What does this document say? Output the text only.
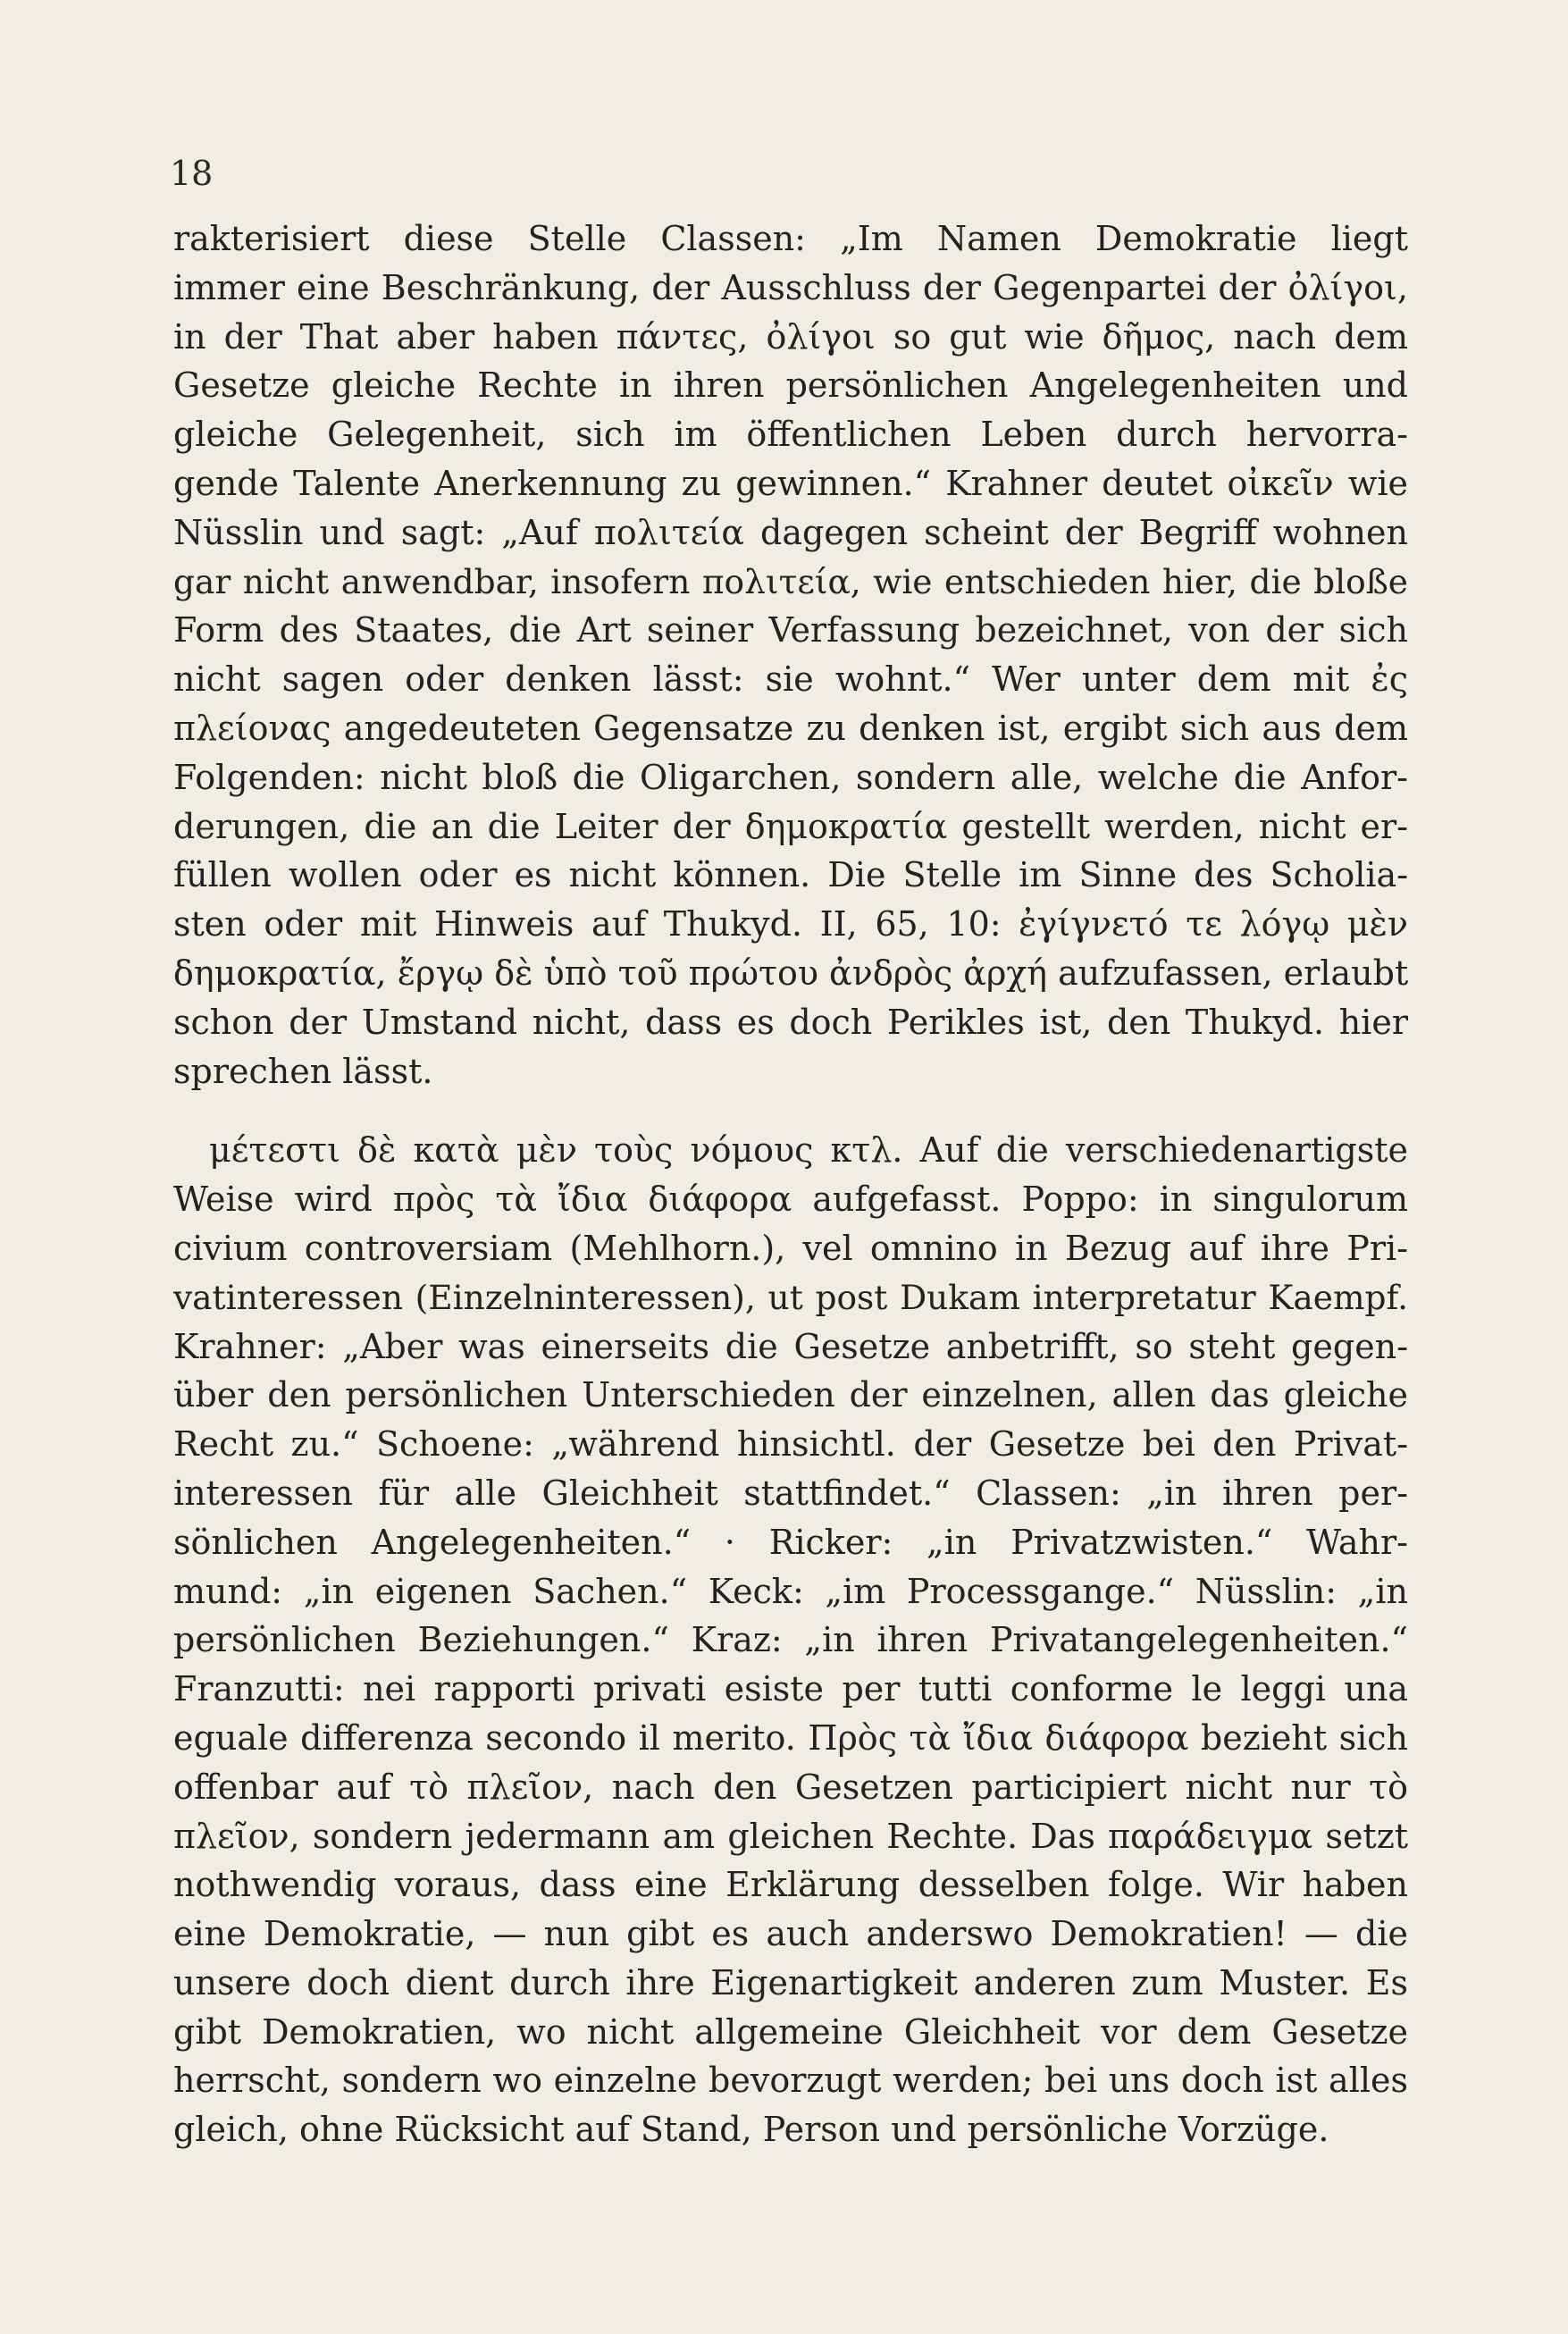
18
rakterisiert diese Stelle Classen: „Im Namen Demokratie liegt
immer eine Beschränkung, der Ausschluss der Gegenpartei der ὀλίγοι,
in der That aber haben πάντες, ὀλίγοι so gut wie δῆμος, nach dem
Gesetze gleiche Rechte in ihren persönlichen Angelegenheiten und
gleiche Gelegenheit, sich im öffentlichen Leben durch hervorra-
gende Talente Anerkennung zu gewinnen.“ Krahner deutet οἰκεῖν wie
Nüsslin und sagt: „Auf πολιτεία dagegen scheint der Begriff wohnen
gar nicht anwendbar, insofern πολιτεία, wie entschieden hier, die bloße
Form des Staates, die Art seiner Verfassung bezeichnet, von der sich
nicht sagen oder denken lässt: sie wohnt.“ Wer unter dem mit ἐς
πλείονας angedeuteten Gegensatze zu denken ist, ergibt sich aus dem
Folgenden: nicht bloß die Oligarchen, sondern alle, welche die Anfor-
derungen, die an die Leiter der δημοκρατία gestellt werden, nicht er-
füllen wollen oder es nicht können. Die Stelle im Sinne des Scholia-
sten oder mit Hinweis auf Thukyd. II, 65, 10: ἐγίγνετό τε λόγῳ μὲν
δημοκρατία, ἔργῳ δὲ ὑπὸ τοῦ πρώτου ἀνδρὸς ἀρχή aufzufassen, erlaubt
schon der Umstand nicht, dass es doch Perikles ist, den Thukyd. hier
sprechen lässt.
μέτεστι δὲ κατὰ μὲν τοὺς νόμους κτλ. Auf die verschiedenartigste
Weise wird πρὸς τὰ ἴδια διάφορα aufgefasst. Poppo: in singulorum
civium controversiam (Mehlhorn.), vel omnino in Bezug auf ihre Pri-
vatinteressen (Einzelninteressen), ut post Dukam interpretatur Kaempf.
Krahner: „Aber was einerseits die Gesetze anbetrifft, so steht gegen-
über den persönlichen Unterschieden der einzelnen, allen das gleiche
Recht zu.“ Schoene: „während hinsichtl. der Gesetze bei den Privat-
interessen für alle Gleichheit stattfindet.“ Classen: „in ihren per-
sönlichen Angelegenheiten.“ · Ricker: „in Privatzwisten.“ Wahr-
mund: „in eigenen Sachen.“ Keck: „im Processgange.“ Nüsslin: „in
persönlichen Beziehungen.“ Kraz: „in ihren Privatangelegenheiten.“
Franzutti: nei rapporti privati esiste per tutti conforme le leggi una
eguale differenza secondo il merito. Πρὸς τὰ ἴδια διάφορα bezieht sich
offenbar auf τὸ πλεῖον, nach den Gesetzen participiert nicht nur τὸ
πλεῖον, sondern jedermann am gleichen Rechte. Das παράδειγμα setzt
nothwendig voraus, dass eine Erklärung desselben folge. Wir haben
eine Demokratie, — nun gibt es auch anderswo Demokratien! — die
unsere doch dient durch ihre Eigenartigkeit anderen zum Muster. Es
gibt Demokratien, wo nicht allgemeine Gleichheit vor dem Gesetze
herrscht, sondern wo einzelne bevorzugt werden; bei uns doch ist alles
gleich, ohne Rücksicht auf Stand, Person und persönliche Vorzüge.
